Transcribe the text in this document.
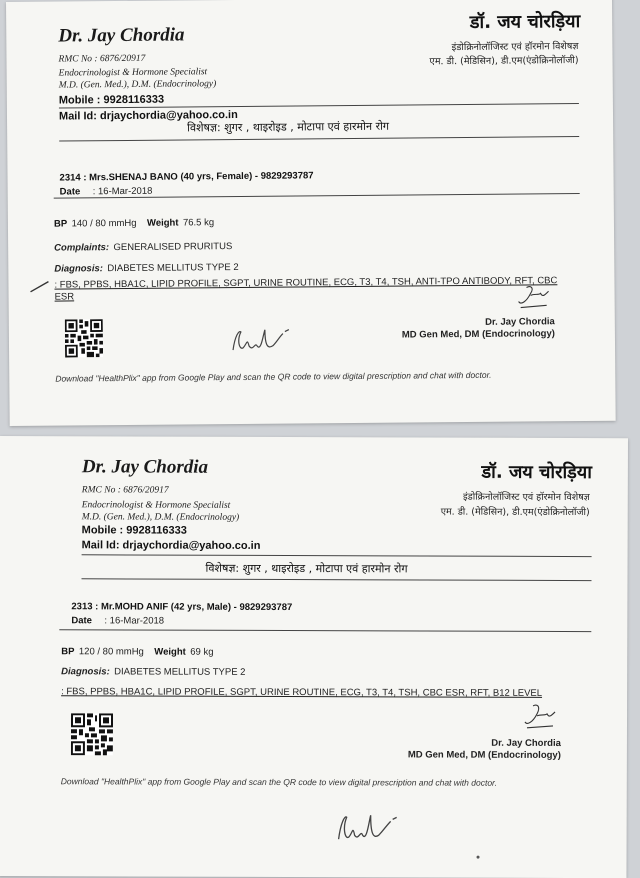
Dr. Jay Chordia
RMC No : 6876/20917
Endocrinologist & Hormone Specialist
M.D. (Gen. Med.), D.M. (Endocrinology)
Mobile : 9928116333
Mail Id: drjaychordia@yahoo.co.in
डॉ. जय चोरड़िया
इंडोक्रिनोलॉजिस्ट एवं हॉरमोन विशेषज्ञ
एम. डी. (मेडिसिन), डी.एम(एंडोक्रिनोलॉजी)
विशेषज्ञ: शुगर , थाइरोइड , मोटापा एवं हारमोन रोग
2314 : Mrs.SHENAJ BANO (40 yrs, Female) - 9829293787
Date : 16-Mar-2018
BP 140 / 80 mmHg Weight 76.5 kg
Complaints: GENERALISED PRURITUS
Diagnosis: DIABETES MELLITUS TYPE 2
: FBS, PPBS, HBA1C, LIPID PROFILE, SGPT, URINE ROUTINE, ECG, T3, T4, TSH, ANTI-TPO ANTIBODY, RFT, CBC
ESR
Dr. Jay Chordia
MD Gen Med, DM (Endocrinology)
Download "HealthPlix" app from Google Play and scan the QR code to view digital prescription and chat with doctor.
Dr. Jay Chordia
RMC No : 6876/20917
Endocrinologist & Hormone Specialist
M.D. (Gen. Med.), D.M. (Endocrinology)
Mobile : 9928116333
Mail Id: drjaychordia@yahoo.co.in
डॉ. जय चोरड़िया
इंडोक्रिनोलॉजिस्ट एवं हॉरमोन विशेषज्ञ
एम. डी. (मेडिसिन), डी.एम(एंडोक्रिनोलॉजी)
विशेषज्ञ: शुगर , थाइरोइड , मोटापा एवं हारमोन रोग
2313 : Mr.MOHD ANIF (42 yrs, Male) - 9829293787
Date : 16-Mar-2018
BP 120 / 80 mmHg Weight 69 kg
Diagnosis: DIABETES MELLITUS TYPE 2
: FBS, PPBS, HBA1C, LIPID PROFILE, SGPT, URINE ROUTINE, ECG, T3, T4, TSH, CBC ESR, RFT, B12 LEVEL
Dr. Jay Chordia
MD Gen Med, DM (Endocrinology)
Download "HealthPlix" app from Google Play and scan the QR code to view digital prescription and chat with doctor.
